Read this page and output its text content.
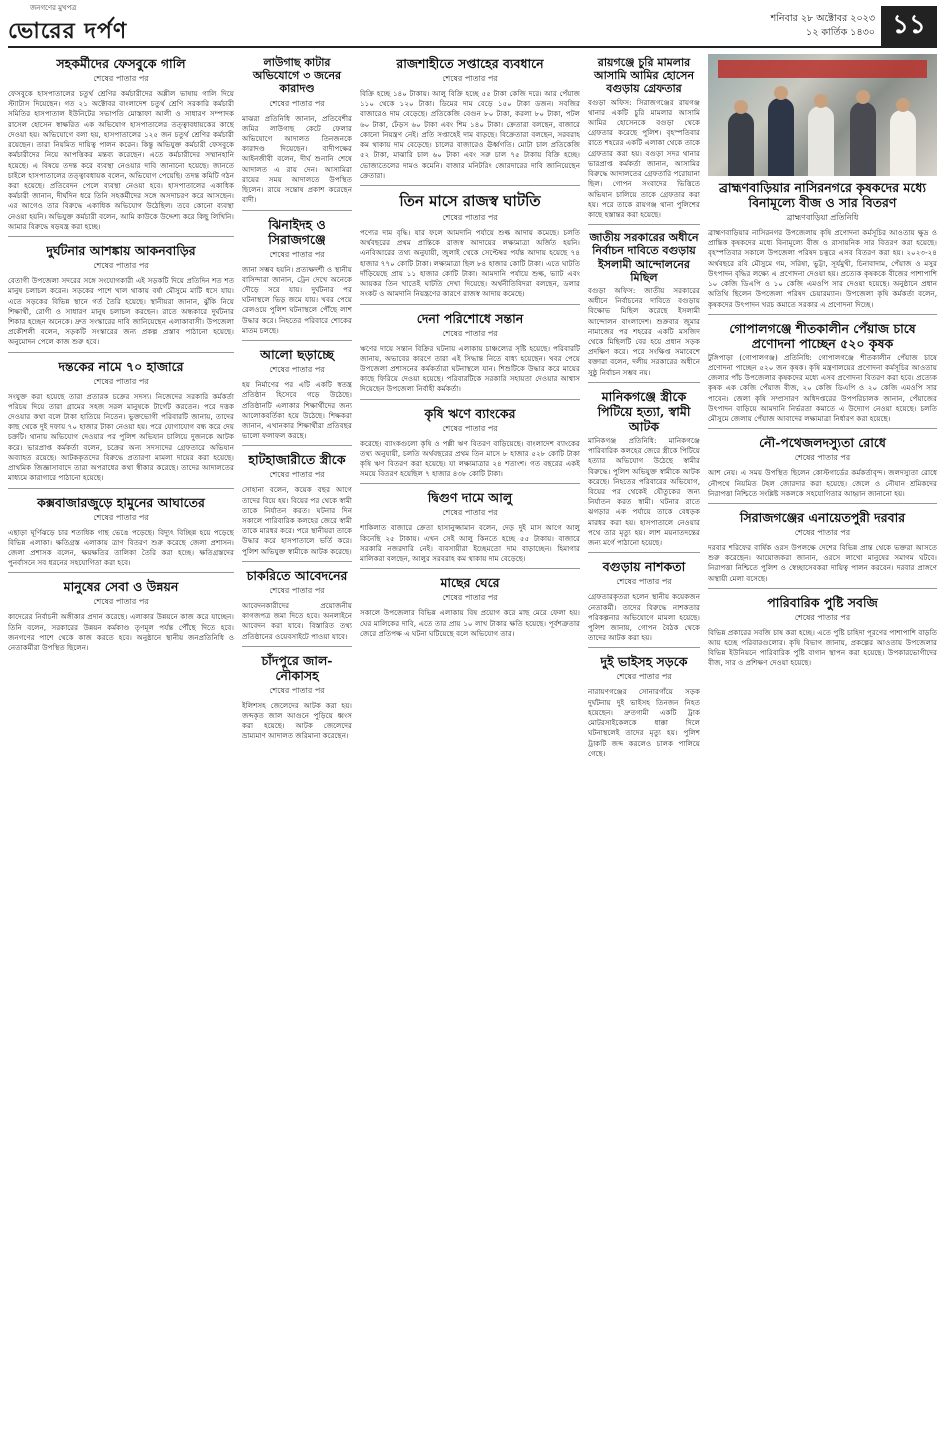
জনগণের মুখপত্র
ভোরের দর্পণ	শনিবার ২৮ অক্টোবর ২০২৩
১২ কার্তিক ১৪৩০ ১১
সহকর্মীদের ফেসবুকে গালি
শেষের পাতার পর
ফেসবুকে হাসপাতালের চতুর্থ শ্রেণির কর্মচারীদের অশ্লীল ভাষায় গালি দিয়ে স্ট্যাটাস দিয়েছেন। গত ২১ অক্টোবর বাংলাদেশ চতুর্থ শ্রেণি সরকারি কর্মচারী সমিতির হাসপাতাল ইউনিটের সভাপতি মোস্তাফা আলী ও সাধারণ সম্পাদক রাসেল হোসেন স্বাক্ষরিত এক অভিযোগ হাসপাতালের তত্ত্বাবধায়কের কাছে দেওয়া হয়। অভিযোগে বলা হয়, হাসপাতালের ১২৫ জন চতুর্থ শ্রেণির কর্মচারী রয়েছেন। তারা নিয়মিত দায়িত্ব পালন করেন। কিন্তু অভিযুক্ত কর্মচারী ফেসবুকে কর্মচারীদের নিয়ে আপত্তিকর মন্তব্য করেছেন। এতে কর্মচারীদের সম্মানহানি হয়েছে। এ বিষয়ে তদন্ত করে ব্যবস্থা নেওয়ার দাবি জানানো হয়েছে। জানতে চাইলে হাসপাতালের তত্ত্বাবধায়ক বলেন, অভিযোগ পেয়েছি। তদন্ত কমিটি গঠন করা হয়েছে। প্রতিবেদন পেলে ব্যবস্থা নেওয়া হবে। হাসপাতালের একাধিক কর্মচারী জানান, দীর্ঘদিন ধরে তিনি সহকর্মীদের সঙ্গে অসদাচরণ করে আসছেন। এর আগেও তার বিরুদ্ধে একাধিক অভিযোগ উঠেছিল। তবে কোনো ব্যবস্থা নেওয়া হয়নি। অভিযুক্ত কর্মচারী বলেন, আমি কাউকে উদ্দেশ্য করে কিছু লিখিনি। আমার বিরুদ্ধে ষড়যন্ত্র করা হচ্ছে।
দুর্ঘটনার আশঙ্কায় আকনবাড়ির
শেষের পাতার পর
বেতাগী উপজেলা সদরের সঙ্গে সংযোগকারী এই সড়কটি দিয়ে প্রতিদিন শত শত মানুষ চলাচল করেন। সড়কের পাশে খাল থাকায় বর্ষা মৌসুমে মাটি ধসে যায়। এতে সড়কের বিভিন্ন স্থানে গর্ত তৈরি হয়েছে। স্থানীয়রা জানান, ঝুঁকি নিয়ে শিক্ষার্থী, রোগী ও সাধারণ মানুষ চলাচল করছেন। রাতে অন্ধকারে দুর্ঘটনার শিকার হচ্ছেন অনেকে। দ্রুত সংস্কারের দাবি জানিয়েছেন এলাকাবাসী। উপজেলা প্রকৌশলী বলেন, সড়কটি সংস্কারের জন্য প্রকল্প প্রস্তাব পাঠানো হয়েছে। অনুমোদন পেলে কাজ শুরু হবে।
দন্তকের নামে ৭০ হাজারে
শেষের পাতার পর
সংযুক্ত করা হয়েছে তারা প্রতারক চক্রের সদস্য। নিজেদের সরকারি কর্মকর্তা পরিচয় দিয়ে তারা গ্রামের সহজ সরল মানুষকে টার্গেট করতেন। পরে দত্তক দেওয়ার কথা বলে টাকা হাতিয়ে নিতেন। ভুক্তভোগী পরিবারটি জানায়, তাদের কাছ থেকে দুই দফায় ৭০ হাজার টাকা নেওয়া হয়। পরে যোগাযোগ বন্ধ করে দেয় চক্রটি। থানায় অভিযোগ দেওয়ার পর পুলিশ অভিযান চালিয়ে দুজনকে আটক করে। ভারপ্রাপ্ত কর্মকর্তা বলেন, চক্রের অন্য সদস্যদের গ্রেফতারে অভিযান অব্যাহত রয়েছে। আটককৃতদের বিরুদ্ধে প্রতারণা মামলা দায়ের করা হয়েছে। প্রাথমিক জিজ্ঞাসাবাদে তারা অপরাধের কথা স্বীকার করেছে। তাদের আদালতের মাধ্যমে কারাগারে পাঠানো হয়েছে।
কক্সবাজারজুড়ে হামুনের আঘাতের
শেষের পাতার পর
এছাড়া ঘূর্ণিঝড়ে চার শতাধিক গাছ ভেঙে পড়েছে। বিদ্যুৎ বিচ্ছিন্ন হয়ে পড়েছে বিভিন্ন এলাকা। ক্ষতিগ্রস্ত এলাকায় ত্রাণ বিতরণ শুরু করেছে জেলা প্রশাসন। জেলা প্রশাসক বলেন, ক্ষয়ক্ষতির তালিকা তৈরি করা হচ্ছে। ক্ষতিগ্রস্তদের পুনর্বাসনে সব ধরনের সহযোগিতা করা হবে।
মানুষের সেবা ও উন্নয়ন
শেষের পাতার পর
কাদেরের নির্বাচনী অঙ্গীকার প্রদান করেছে। এলাকার উন্নয়নে কাজ করে যাচ্ছেন। তিনি বলেন, সরকারের উন্নয়ন কর্মকাণ্ড তৃণমূল পর্যন্ত পৌঁছে দিতে হবে। জনগণের পাশে থেকে কাজ করতে হবে। অনুষ্ঠানে স্থানীয় জনপ্রতিনিধি ও নেতাকর্মীরা উপস্থিত ছিলেন।
লাউগাছ কাটার অভিযোগে ৩ জনের কারাদণ্ড
শেষের পাতার পর
মাঝরা প্রতিনিধি জানান, প্রতিবেশীর জমির লাউগাছ কেটে ফেলার অভিযোগে আদালত তিনজনকে কারাদণ্ড দিয়েছেন। বাদীপক্ষের আইনজীবী বলেন, দীর্ঘ শুনানি শেষে আদালত এ রায় দেন। আসামিরা রায়ের সময় আদালতে উপস্থিত ছিলেন। রায়ে সন্তোষ প্রকাশ করেছেন বাদী।
ঝিনাইদহ ও সিরাজগঞ্জে
শেষের পাতার পর
জানা সম্ভব হয়নি। প্রত্যক্ষদর্শী ও স্থানীয় বাসিন্দারা জানান, ট্রেন দেখে অনেকে দৌড়ে সরে যায়। দুর্ঘটনার পর ঘটনাস্থলে ভিড় জমে যায়। খবর পেয়ে রেলওয়ে পুলিশ ঘটনাস্থলে পৌঁছে লাশ উদ্ধার করে। নিহতের পরিবারে শোকের মাতম চলছে।
আলো ছড়াচ্ছে
শেষের পাতার পর
হয় নির্মাণের পর এটি একটি স্বতন্ত্র প্রতিষ্ঠান হিসেবে গড়ে উঠেছে। প্রতিষ্ঠানটি এলাকার শিক্ষার্থীদের জন্য আলোকবর্তিকা হয়ে উঠেছে। শিক্ষকরা জানান, এখানকার শিক্ষার্থীরা প্রতিবছর ভালো ফলাফল করছে।
হাটহাজারীতে স্ত্রীকে
শেষের পাতার পর
সোহানা বলেন, কয়েক বছর আগে তাদের বিয়ে হয়। বিয়ের পর থেকে স্বামী তাকে নির্যাতন করত। ঘটনার দিন সকালে পারিবারিক কলহের জেরে স্বামী তাকে মারধর করে। পরে স্থানীয়রা তাকে উদ্ধার করে হাসপাতালে ভর্তি করে। পুলিশ অভিযুক্ত স্বামীকে আটক করেছে।
চাকরিতে আবেদনের
শেষের পাতার পর
আবেদনকারীদের প্রয়োজনীয় কাগজপত্র জমা দিতে হবে। অনলাইনে আবেদন করা যাবে। বিস্তারিত তথ্য প্রতিষ্ঠানের ওয়েবসাইটে পাওয়া যাবে।
চাঁদপুরে জাল-নৌকাসহ
শেষের পাতার পর
ইলিশসহ জেলেদের আটক করা হয়। জব্দকৃত জাল আগুনে পুড়িয়ে ধ্বংস করা হয়েছে। আটক জেলেদের ভ্রাম্যমাণ আদালত জরিমানা করেছেন।
রাজশাহীতে সপ্তাহের ব্যবধানে
শেষের পাতার পর
বিক্রি হচ্ছে ১৪০ টাকায়। আলু বিক্রি হচ্ছে ৫৫ টাকা কেজি দরে। আর পেঁয়াজ ১১০ থেকে ১২০ টাকা। ডিমের দাম বেড়ে ১৫০ টাকা ডজন। সবজির বাজারেও দাম বেড়েছে। প্রতিকেজি বেগুন ৮০ টাকা, করলা ৮০ টাকা, পটল ৬০ টাকা, ঢেঁড়স ৬০ টাকা এবং শিম ১৪০ টাকা। ক্রেতারা বলছেন, বাজারে কোনো নিয়ন্ত্রণ নেই। প্রতি সপ্তাহেই দাম বাড়ছে। বিক্রেতারা বলছেন, সরবরাহ কম থাকায় দাম বেড়েছে। চালের বাজারেও ঊর্ধ্বগতি। মোটা চাল প্রতিকেজি ৫২ টাকা, মাঝারি চাল ৬০ টাকা এবং সরু চাল ৭৫ টাকায় বিক্রি হচ্ছে। ভোজ্যতেলের দামও কমেনি। বাজার মনিটরিং জোরদারের দাবি জানিয়েছেন ক্রেতারা।
তিন মাসে রাজস্ব ঘাটতি
শেষের পাতার পর
পণ্যের দাম বৃদ্ধি। যার ফলে আমদানি পর্যায়ে শুল্ক আদায় কমেছে। চলতি অর্থবছরের প্রথম প্রান্তিকে রাজস্ব আদায়ের লক্ষ্যমাত্রা অর্জিত হয়নি। এনবিআরের তথ্য অনুযায়ী, জুলাই থেকে সেপ্টেম্বর পর্যন্ত আদায় হয়েছে ৭৪ হাজার ৭৭০ কোটি টাকা। লক্ষ্যমাত্রা ছিল ৮৪ হাজার কোটি টাকা। এতে ঘাটতি দাঁড়িয়েছে প্রায় ১১ হাজার কোটি টাকা। আমদানি পর্যায়ে শুল্ক, ভ্যাট এবং আয়কর তিন খাতেই ঘাটতি দেখা দিয়েছে। অর্থনীতিবিদরা বলছেন, ডলার সংকট ও আমদানি নিয়ন্ত্রণের কারণে রাজস্ব আদায় কমেছে।
দেনা পরিশোধে সন্তান
শেষের পাতার পর
ঋণের দায়ে সন্তান বিক্রির ঘটনায় এলাকায় চাঞ্চল্যের সৃষ্টি হয়েছে। পরিবারটি জানায়, অভাবের কারণে তারা এই সিদ্ধান্ত নিতে বাধ্য হয়েছেন। খবর পেয়ে উপজেলা প্রশাসনের কর্মকর্তারা ঘটনাস্থলে যান। শিশুটিকে উদ্ধার করে মায়ের কাছে ফিরিয়ে দেওয়া হয়েছে। পরিবারটিকে সরকারি সহায়তা দেওয়ার আশ্বাস দিয়েছেন উপজেলা নির্বাহী কর্মকর্তা।
কৃষি ঋণে ব্যাংকের
শেষের পাতার পর
করেছে। ব্যাংকগুলো কৃষি ও পল্লী ঋণ বিতরণ বাড়িয়েছে। বাংলাদেশ ব্যাংকের তথ্য অনুযায়ী, চলতি অর্থবছরের প্রথম তিন মাসে ৮ হাজার ৫২৮ কোটি টাকা কৃষি ঋণ বিতরণ করা হয়েছে। যা লক্ষ্যমাত্রার ২৪ শতাংশ। গত বছরের একই সময়ে বিতরণ হয়েছিল ৭ হাজার ৪৩৮ কোটি টাকা।
দ্বিগুণ দামে আলু
শেষের পাতার পর
শাকিলাত বাজারে ক্রেতা হাসানুজ্জামান বলেন, দেড় দুই মাস আগে আলু কিনেছি ২৫ টাকায়। এখন সেই আলু কিনতে হচ্ছে ৫৫ টাকায়। বাজারে সরকারি নজরদারি নেই। ব্যবসায়ীরা ইচ্ছেমতো দাম বাড়াচ্ছেন। হিমাগার মালিকরা বলছেন, আলুর সরবরাহ কম থাকায় দাম বেড়েছে।
মাছের ঘেরে
শেষের পাতার পর
সকালে উপজেলার বিভিন্ন এলাকায় বিষ প্রয়োগ করে মাছ মেরে ফেলা হয়। ঘের মালিকের দাবি, এতে তার প্রায় ১০ লাখ টাকার ক্ষতি হয়েছে। পূর্বশত্রুতার জেরে প্রতিপক্ষ এ ঘটনা ঘটিয়েছে বলে অভিযোগ তার।
রায়গঞ্জে চুরি মামলার আসামি আমির হোসেন বগুড়ায় গ্রেফতার
বগুড়া অফিস: সিরাজগঞ্জের রায়গঞ্জ থানার একটি চুরি মামলার আসামি আমির হোসেনকে বগুড়া থেকে গ্রেফতার করেছে পুলিশ। বৃহস্পতিবার রাতে শহরের একটি এলাকা থেকে তাকে গ্রেফতার করা হয়। বগুড়া সদর থানার ভারপ্রাপ্ত কর্মকর্তা জানান, আসামির বিরুদ্ধে আদালতের গ্রেফতারি পরোয়ানা ছিল। গোপন সংবাদের ভিত্তিতে অভিযান চালিয়ে তাকে গ্রেফতার করা হয়। পরে তাকে রায়গঞ্জ থানা পুলিশের কাছে হস্তান্তর করা হয়েছে।
জাতীয় সরকারের অধীনে নির্বাচন দাবিতে বগুড়ায় ইসলামী আন্দোলনের মিছিল
বগুড়া অফিস: জাতীয় সরকারের অধীনে নির্বাচনের দাবিতে বগুড়ায় বিক্ষোভ মিছিল করেছে ইসলামী আন্দোলন বাংলাদেশ। শুক্রবার জুমার নামাজের পর শহরের একটি মসজিদ থেকে মিছিলটি বের হয়ে প্রধান সড়ক প্রদক্ষিণ করে। পরে সংক্ষিপ্ত সমাবেশে বক্তারা বলেন, দলীয় সরকারের অধীনে সুষ্ঠু নির্বাচন সম্ভব নয়।
মানিকগঞ্জে স্ত্রীকে পিটিয়ে হত্যা, স্বামী আটক
মানিকগঞ্জ প্রতিনিধি: মানিকগঞ্জে পারিবারিক কলহের জেরে স্ত্রীকে পিটিয়ে হত্যার অভিযোগ উঠেছে স্বামীর বিরুদ্ধে। পুলিশ অভিযুক্ত স্বামীকে আটক করেছে। নিহতের পরিবারের অভিযোগ, বিয়ের পর থেকেই যৌতুকের জন্য নির্যাতন করত স্বামী। ঘটনার রাতে ঝগড়ার এক পর্যায়ে তাকে বেধড়ক মারধর করা হয়। হাসপাতালে নেওয়ার পথে তার মৃত্যু হয়। লাশ ময়নাতদন্তের জন্য মর্গে পাঠানো হয়েছে।
বগুড়ায় নাশকতা
শেষের পাতার পর
গ্রেফতারকৃতরা হলেন স্থানীয় কয়েকজন নেতাকর্মী। তাদের বিরুদ্ধে নাশকতার পরিকল্পনার অভিযোগে মামলা হয়েছে। পুলিশ জানায়, গোপন বৈঠক থেকে তাদের আটক করা হয়।
দুই ভাইসহ সড়কে
শেষের পাতার পর
নারায়ণগঞ্জের সোনারগাঁয়ে সড়ক দুর্ঘটনায় দুই ভাইসহ তিনজন নিহত হয়েছেন। দ্রুতগামী একটি ট্রাক মোটরসাইকেলকে ধাক্কা দিলে ঘটনাস্থলেই তাদের মৃত্যু হয়। পুলিশ ট্রাকটি জব্দ করলেও চালক পালিয়ে গেছে।
ব্রাহ্মণবাড়িয়ার নাসিরনগরে কৃষকদের মধ্যে বিনামূল্যে বীজ ও সার বিতরণ
ব্রাহ্মণবাড়িয়া প্রতিনিধি
ব্রাহ্মণবাড়িয়ার নাসিরনগর উপজেলায় কৃষি প্রণোদনা কর্মসূচির আওতায় ক্ষুদ্র ও প্রান্তিক কৃষকদের মধ্যে বিনামূল্যে বীজ ও রাসায়নিক সার বিতরণ করা হয়েছে। বৃহস্পতিবার সকালে উপজেলা পরিষদ চত্বরে এসব বিতরণ করা হয়। ২০২৩-২৪ অর্থবছরে রবি মৌসুমে গম, সরিষা, ভুট্টা, সূর্যমুখী, চিনাবাদাম, পেঁয়াজ ও মসুর উৎপাদন বৃদ্ধির লক্ষ্যে এ প্রণোদনা দেওয়া হয়। প্রত্যেক কৃষককে বীজের পাশাপাশি ১০ কেজি ডিএপি ও ১০ কেজি এমওপি সার দেওয়া হয়েছে। অনুষ্ঠানে প্রধান অতিথি ছিলেন উপজেলা পরিষদ চেয়ারম্যান। উপজেলা কৃষি কর্মকর্তা বলেন, কৃষকদের উৎপাদন খরচ কমাতে সরকার এ প্রণোদনা দিচ্ছে।
গোপালগঞ্জে শীতকালীন পেঁয়াজ চাষে প্রণোদনা পাচ্ছেন ৫২০ কৃষক
টুঙ্গিপাড়া (গোপালগঞ্জ) প্রতিনিধি: গোপালগঞ্জে শীতকালীন পেঁয়াজ চাষে প্রণোদনা পাচ্ছেন ৫২০ জন কৃষক। কৃষি মন্ত্রণালয়ের প্রণোদনা কর্মসূচির আওতায় জেলার পাঁচ উপজেলার কৃষকদের মধ্যে এসব প্রণোদনা বিতরণ করা হবে। প্রত্যেক কৃষক এক কেজি পেঁয়াজ বীজ, ২০ কেজি ডিএপি ও ২০ কেজি এমওপি সার পাবেন। জেলা কৃষি সম্প্রসারণ অধিদপ্তরের উপপরিচালক জানান, পেঁয়াজের উৎপাদন বাড়িয়ে আমদানি নির্ভরতা কমাতে এ উদ্যোগ নেওয়া হয়েছে। চলতি মৌসুমে জেলায় পেঁয়াজ আবাদের লক্ষ্যমাত্রা নির্ধারণ করা হয়েছে।
নৌ-পথেজলদস্যুতা রোধে
শেষের পাতার পর
আশ নেয়। এ সময় উপস্থিত ছিলেন কোস্টগার্ডের কর্মকর্তাবৃন্দ। জলদস্যুতা রোধে নৌপথে নিয়মিত টহল জোরদার করা হয়েছে। জেলে ও নৌযান শ্রমিকদের নিরাপত্তা নিশ্চিতে সংশ্লিষ্ট সকলকে সহযোগিতার আহ্বান জানানো হয়।
সিরাজগঞ্জের এনায়েতপুরী দরবার
শেষের পাতার পর
দরবার শরিফের বার্ষিক ওরস উপলক্ষে দেশের বিভিন্ন প্রান্ত থেকে ভক্তরা আসতে শুরু করেছেন। আয়োজকরা জানান, ওরসে লাখো মানুষের সমাগম ঘটবে। নিরাপত্তা নিশ্চিতে পুলিশ ও স্বেচ্ছাসেবকরা দায়িত্ব পালন করবেন। দরবার প্রাঙ্গণে অস্থায়ী মেলা বসেছে।
পারিবারিক পুষ্টি সবজি
শেষের পাতার পর
বিভিন্ন প্রকারের সবজি চাষ করা হচ্ছে। এতে পুষ্টি চাহিদা পূরণের পাশাপাশি বাড়তি আয় হচ্ছে পরিবারগুলোর। কৃষি বিভাগ জানায়, প্রকল্পের আওতায় উপজেলার বিভিন্ন ইউনিয়নে পারিবারিক পুষ্টি বাগান স্থাপন করা হয়েছে। উপকারভোগীদের বীজ, সার ও প্রশিক্ষণ দেওয়া হয়েছে।
